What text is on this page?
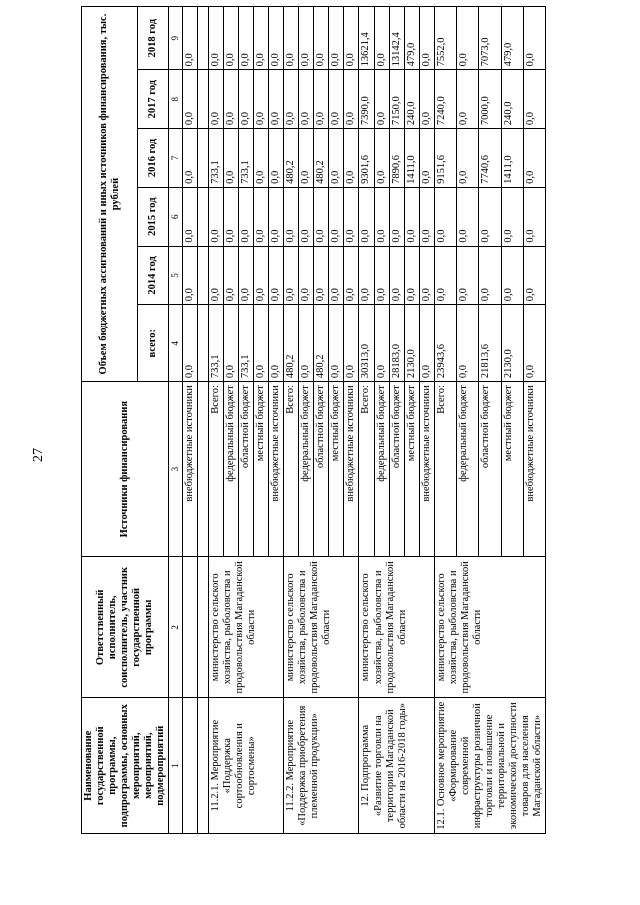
27
Наименование государственной программы, подпрограммы, основных мероприятий, мероприятий, подмероприятий	Ответственный исполнитель, соисполнитель, участник государственной программы	Источники финансирования	Объем бюджетных ассигнований и иных источников финансирования, тыс. рублей					
			всего:	2014 год	2015 год	2016 год	2017 год	2018 год
1	2	3	4	5	6	7	8	9
		внебюджетные источники	0,0	0,0	0,0	0,0	0,0	0,0

11.2.1. Мероприятие «Поддержка сортообновления и сортосмены»	министерство сельского хозяйства, рыболовства и продовольствия Магаданской области	Всего:	733,1	0,0	0,0	733,1	0,0	0,0
		федеральный бюджет	0,0	0,0	0,0	0,0	0,0	0,0
		областной бюджет	733,1	0,0	0,0	733,1	0,0	0,0
		местный бюджет	0,0	0,0	0,0	0,0	0,0	0,0
		внебюджетные источники	0,0	0,0	0,0	0,0	0,0	0,0
11.2.2. Мероприятие «Поддержка приобретения племенной продукции»	министерство сельского хозяйства, рыболовства и продовольствия Магаданской области	Всего:	480,2	0,0	0,0	480,2	0,0	0,0
		федеральный бюджет	0,0	0,0	0,0	0,0	0,0	0,0
		областной бюджет	480,2	0,0	0,0	480,2	0,0	0,0
		местный бюджет	0,0	0,0	0,0	0,0	0,0	0,0
		внебюджетные источники	0,0	0,0	0,0	0,0	0,0	0,0
12. Подпрограмма «Развитие торговли на территории Магаданской области на 2016-2018 годы»	министерство сельского хозяйства, рыболовства и продовольствия Магаданской области	Всего:	30313,0	0,0	0,0	9301,6	7390,0	13621,4
		федеральный бюджет	0,0	0,0	0,0	0,0	0,0	0,0
		областной бюджет	28183,0	0,0	0,0	7890,6	7150,0	13142,4
		местный бюджет	2130,0	0,0	0,0	1411,0	240,0	479,0
		внебюджетные источники	0,0	0,0	0,0	0,0	0,0	0,0
12.1. Основное мероприятие «Формирование современной инфраструктуры розничной торговли и повышение территориальной и экономической доступности товаров для населения Магаданской области»	министерство сельского хозяйства, рыболовства и продовольствия Магаданской области	Всего:	23943,6	0,0	0,0	9151,6	7240,0	7552,0
		федеральный бюджет	0,0	0,0	0,0	0,0	0,0	0,0
		областной бюджет	21813,6	0,0	0,0	7740,6	7000,0	7073,0
		местный бюджет	2130,0	0,0	0,0	1411,0	240,0	479,0
		внебюджетные источники	0,0	0,0	0,0	0,0	0,0	0,0
